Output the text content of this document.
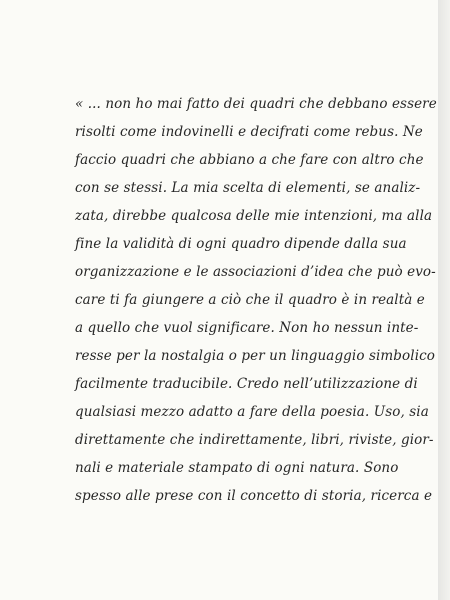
« ... non ho mai fatto dei quadri che debbano essere
risolti come indovinelli e decifrati come rebus. Ne
faccio quadri che abbiano a che fare con altro che
con se stessi. La mia scelta di elementi, se analiz-
zata, direbbe qualcosa delle mie intenzioni, ma alla
fine la validità di ogni quadro dipende dalla sua
organizzazione e le associazioni d’idea che può evo-
care ti fa giungere a ciò che il quadro è in realtà e
a quello che vuol significare. Non ho nessun inte-
resse per la nostalgia o per un linguaggio simbolico
facilmente traducibile. Credo nell’utilizzazione di
qualsiasi mezzo adatto a fare della poesia. Uso, sia
direttamente che indirettamente, libri, riviste, gior-
nali e materiale stampato di ogni natura. Sono
spesso alle prese con il concetto di storia, ricerca e
